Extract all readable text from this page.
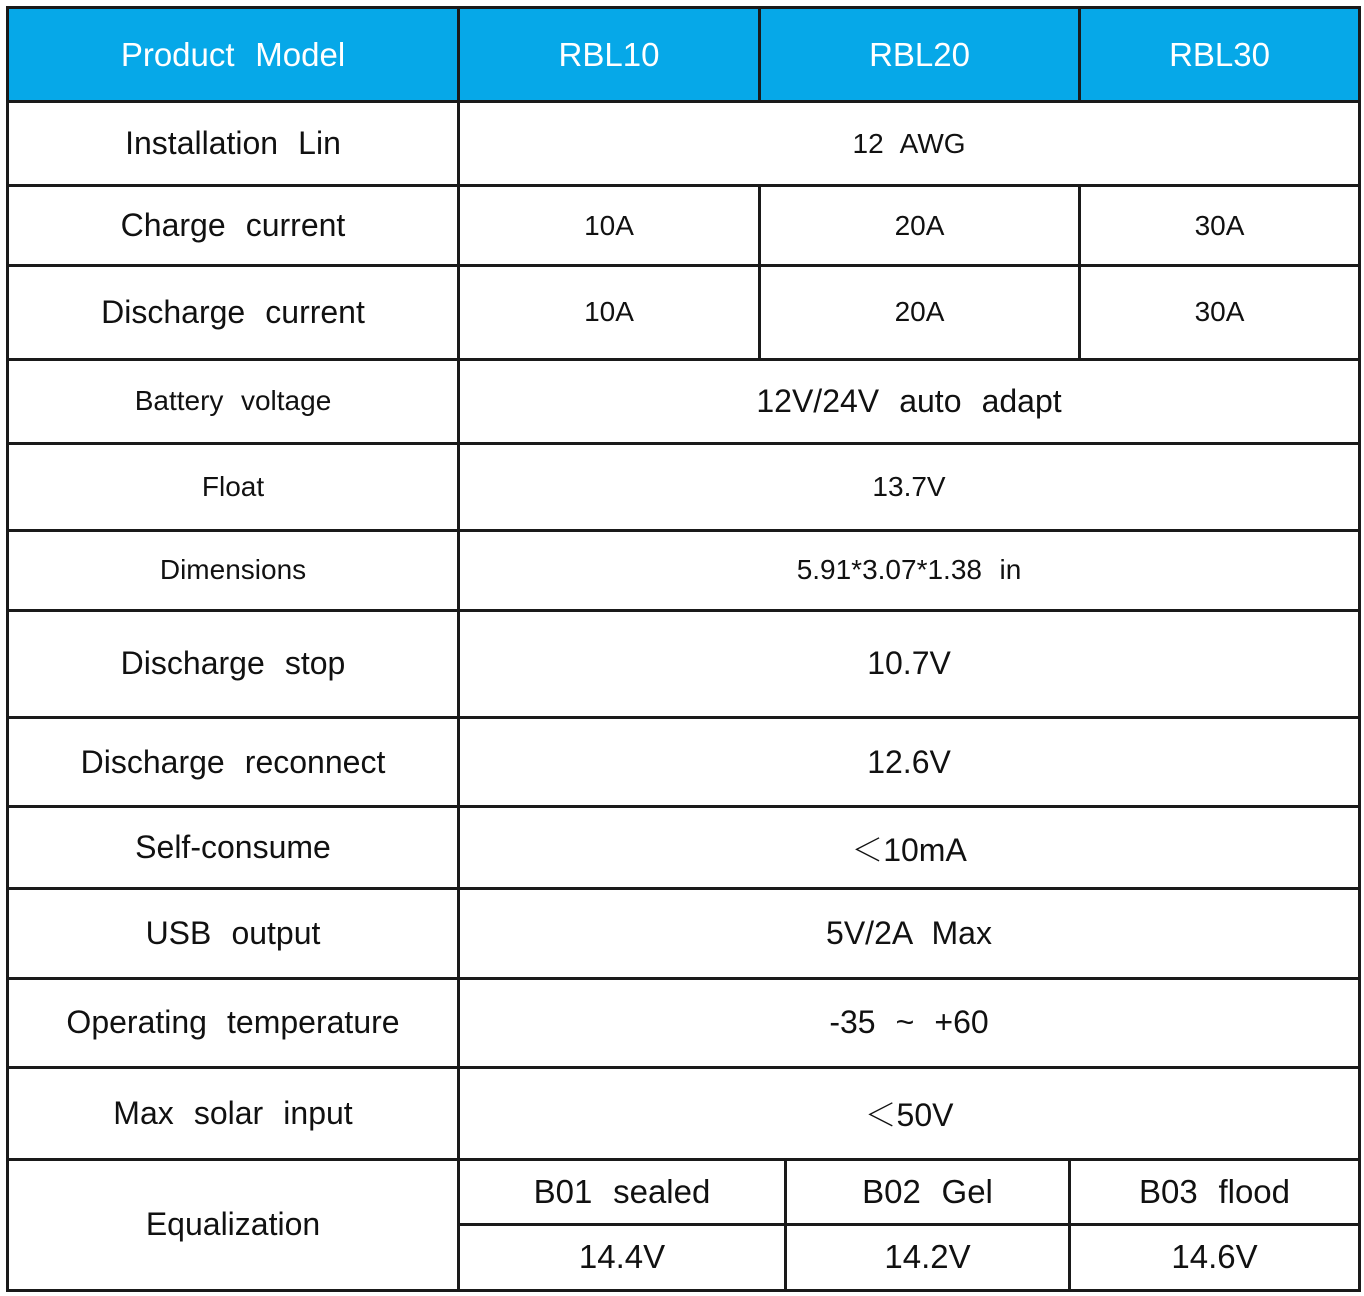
Product Model	RBL10	RBL20			RBL30
Installation Lin	12 AWG				
Charge current	10A	20A			30A
Discharge current	10A	20A			30A
Battery voltage	12V/24V auto adapt				
Float	13.7V				
Dimensions	5.91*3.07*1.38 in				
Discharge stop	10.7V				
Discharge reconnect	12.6V				
Self-consume	＜10mA				
USB output	5V/2A Max				
Operating temperature	-35 ~ +60				
Max solar input	＜50V				
Equalization	B01 sealed		B02 Gel	B03 flood	
	14.4V		14.2V	14.6V	
